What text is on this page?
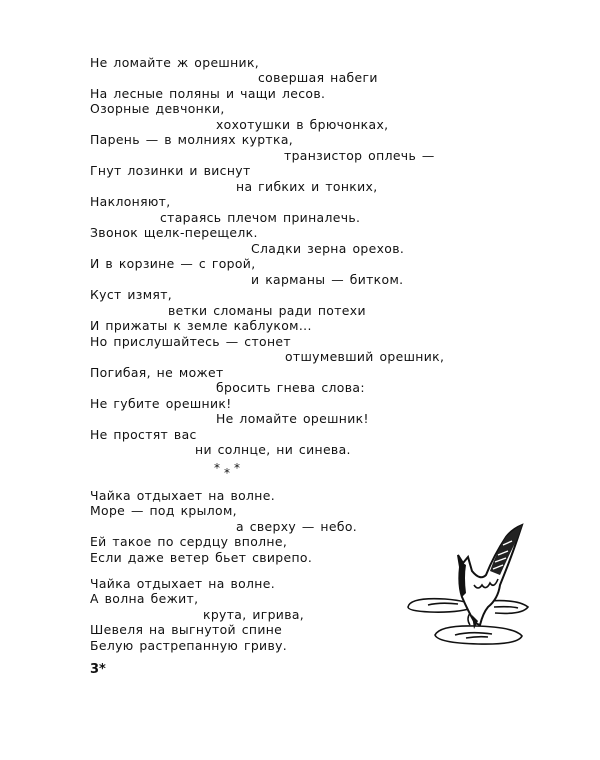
Не ломайте ж орешник,
совершая набеги
На лесные поляны и чащи лесов.
Озорные девчонки,
хохотушки в брючонках,
Парень — в молниях куртка,
транзистор оплечь —
Гнут лозинки и виснут
на гибких и тонких,
Наклоняют,
стараясь плечом приналечь.
Звонок щелк-перещелк.
Сладки зерна орехов.
И в корзине — с горой,
и карманы — битком.
Куст измят,
ветки сломаны ради потехи
И прижаты к земле каблуком...
Но прислушайтесь — стонет
отшумевший орешник,
Погибая, не может
бросить гнева слова:
Не губите орешник!
Не ломайте орешник!
Не простят вас
ни солнце, ни синева.
* * *
Чайка отдыхает на волне.
Море — под крылом,
а сверху — небо.
Ей такое по сердцу вполне,
Если даже ветер бьет свирепо.
Чайка отдыхает на волне.
А волна бежит,
крута, игрива,
Шевеля на выгнутой спине
Белую растрепанную гриву.
3*
